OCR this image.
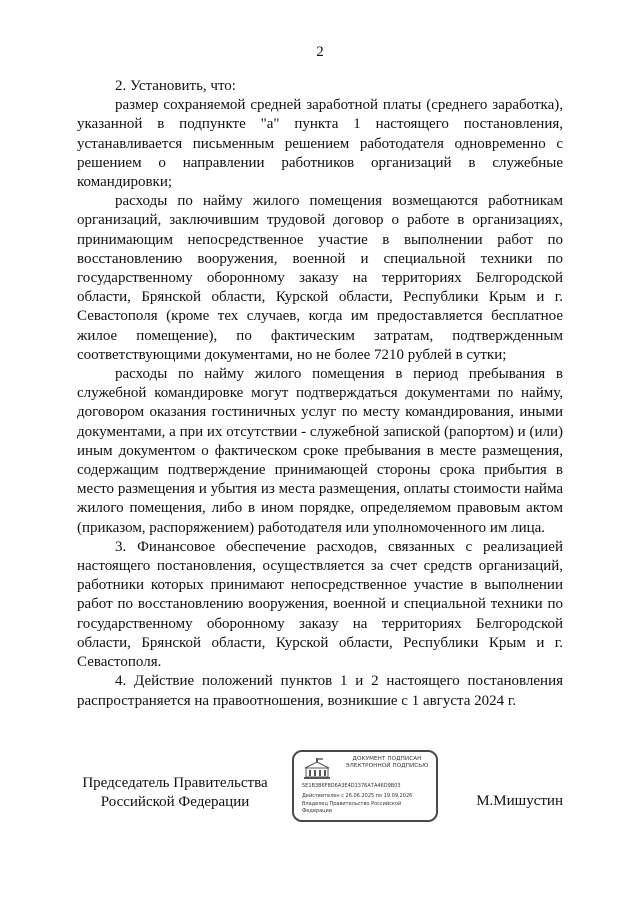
2

2. Установить, что:

размер сохраняемой средней заработной платы (среднего заработка), указанной в подпункте "а" пункта 1 настоящего постановления, устанавливается письменным решением работодателя одновременно с решением о направлении работников организаций в служебные командировки;

расходы по найму жилого помещения возмещаются работникам организаций, заключившим трудовой договор о работе в организациях, принимающим непосредственное участие в выполнении работ по восстановлению вооружения, военной и специальной техники по государственному оборонному заказу на территориях Белгородской области, Брянской области, Курской области, Республики Крым и г. Севастополя (кроме тех случаев, когда им предоставляется бесплатное жилое помещение), по фактическим затратам, подтвержденным соответствующими документами, но не более 7210 рублей в сутки;

расходы по найму жилого помещения в период пребывания в служебной командировке могут подтверждаться документами по найму, договором оказания гостиничных услуг по месту командирования, иными документами, а при их отсутствии - служебной запиской (рапортом) и (или) иным документом о фактическом сроке пребывания в месте размещения, содержащим подтверждение принимающей стороны срока прибытия в место размещения и убытия из места размещения, оплаты стоимости найма жилого помещения, либо в ином порядке, определяемом правовым актом (приказом, распоряжением) работодателя или уполномоченного им лица.

3. Финансовое обеспечение расходов, связанных с реализацией настоящего постановления, осуществляется за счет средств организаций, работники которых принимают непосредственное участие в выполнении работ по восстановлению вооружения, военной и специальной техники по государственному оборонному заказу на территориях Белгородской области, Брянской области, Курской области, Республики Крым и г. Севастополя.

4. Действие положений пунктов 1 и 2 настоящего постановления распространяется на правоотношения, возникшие с 1 августа 2024 г.

Председатель Правительства
Российской Федерации
ДОКУМЕНТ ПОДПИСАН ЭЛЕКТРОННОЙ ПОДПИСЬЮ
5E1B3B6F8D6A3E4D1376A7A46D9B03
Действителен с 26.06.2025 по 19.09.2026
Владелец Правительство Российской
Федерации
М.Мишустин
